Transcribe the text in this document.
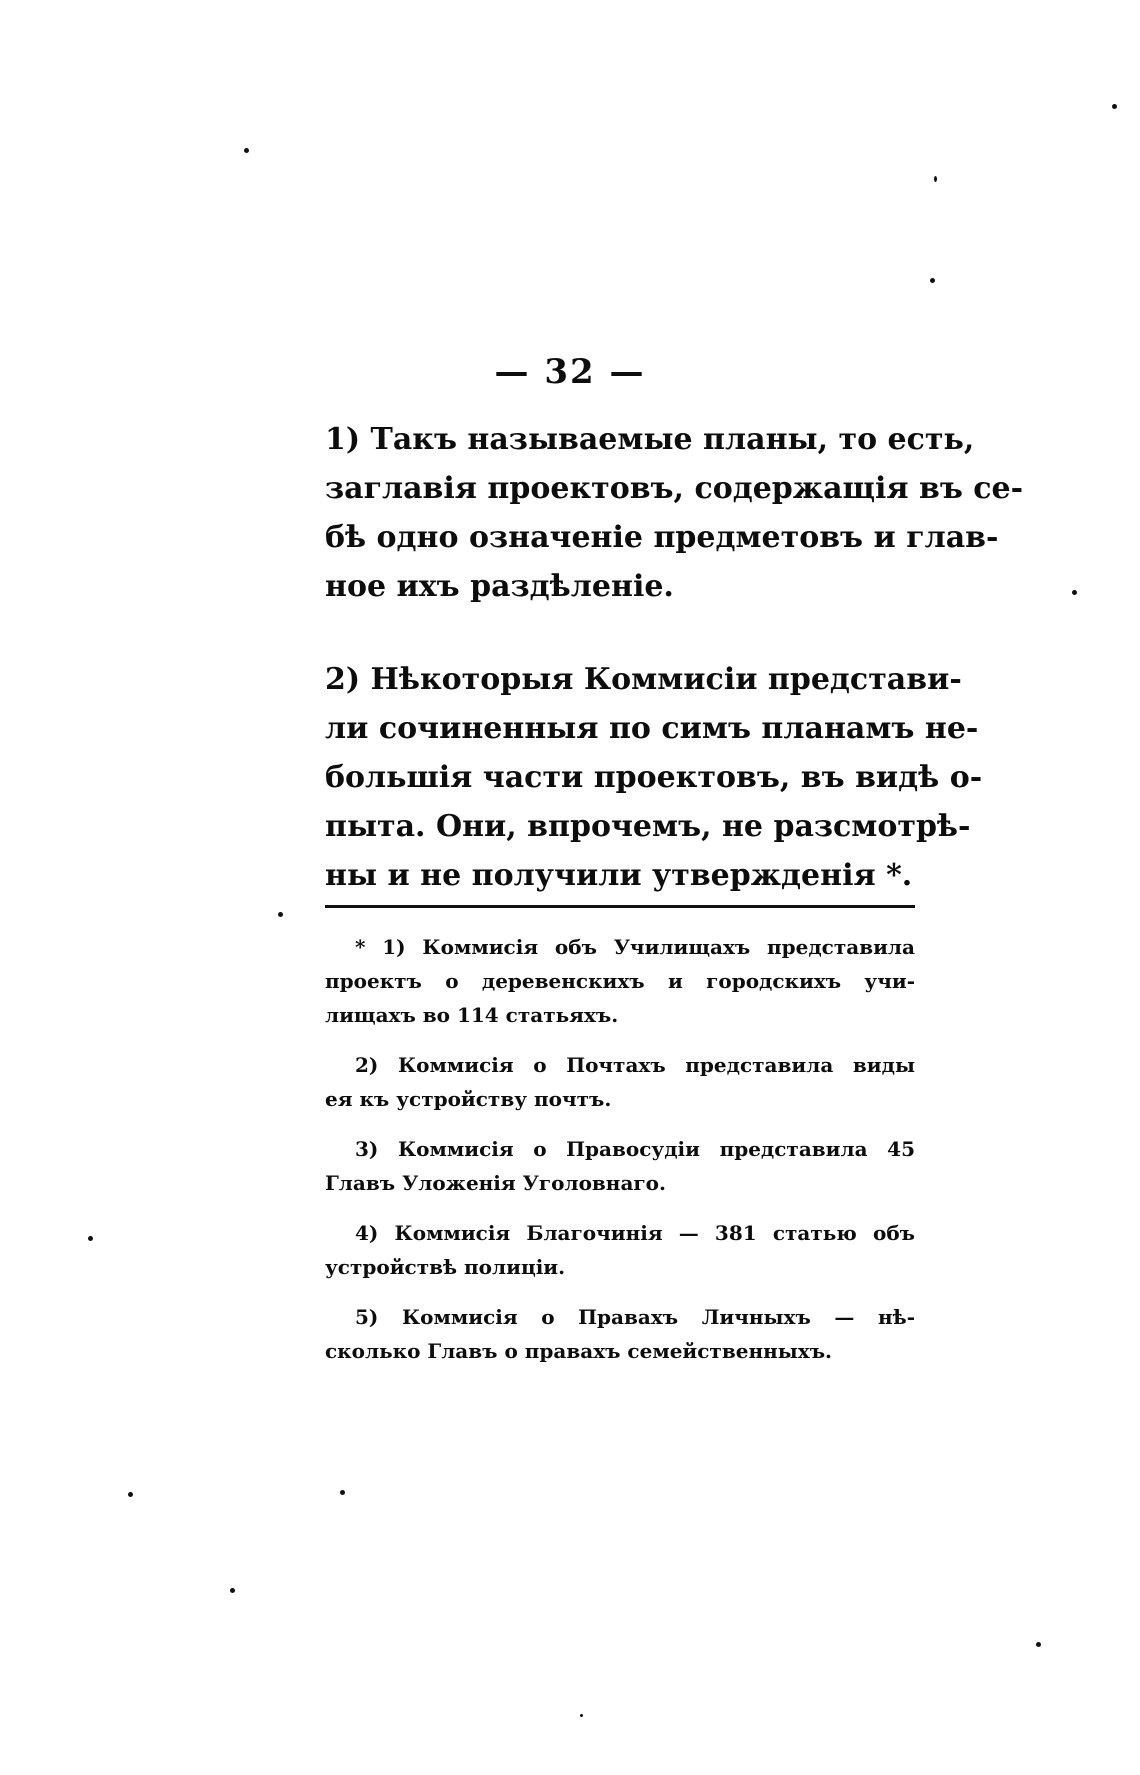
— 32 —
1) Такъ называемые планы, то есть,
заглавія проектовъ, содержащія въ се-
бѣ одно означеніе предметовъ и глав-
ное ихъ раздѣленіе.
2) Нѣкоторыя Коммисіи представи-
ли сочиненныя по симъ планамъ не-
большія части проектовъ, въ видѣ о-
пыта. Они, впрочемъ, не разсмотрѣ-
ны и не получили утвержденія *.
* 1) Коммисія объ Училищахъ представила
проектъ о деревенскихъ и городскихъ учи-
лищахъ во 114 статьяхъ.
2) Коммисія о Почтахъ представила виды
ея къ устройству почтъ.
3) Коммисія о Правосудіи представила 45
Главъ Уложенія Уголовнаго.
4) Коммисія Благочинія — 381 статью объ
устройствѣ полиціи.
5) Коммисія о Правахъ Личныхъ — нѣ-
сколько Главъ о правахъ семейственныхъ.
